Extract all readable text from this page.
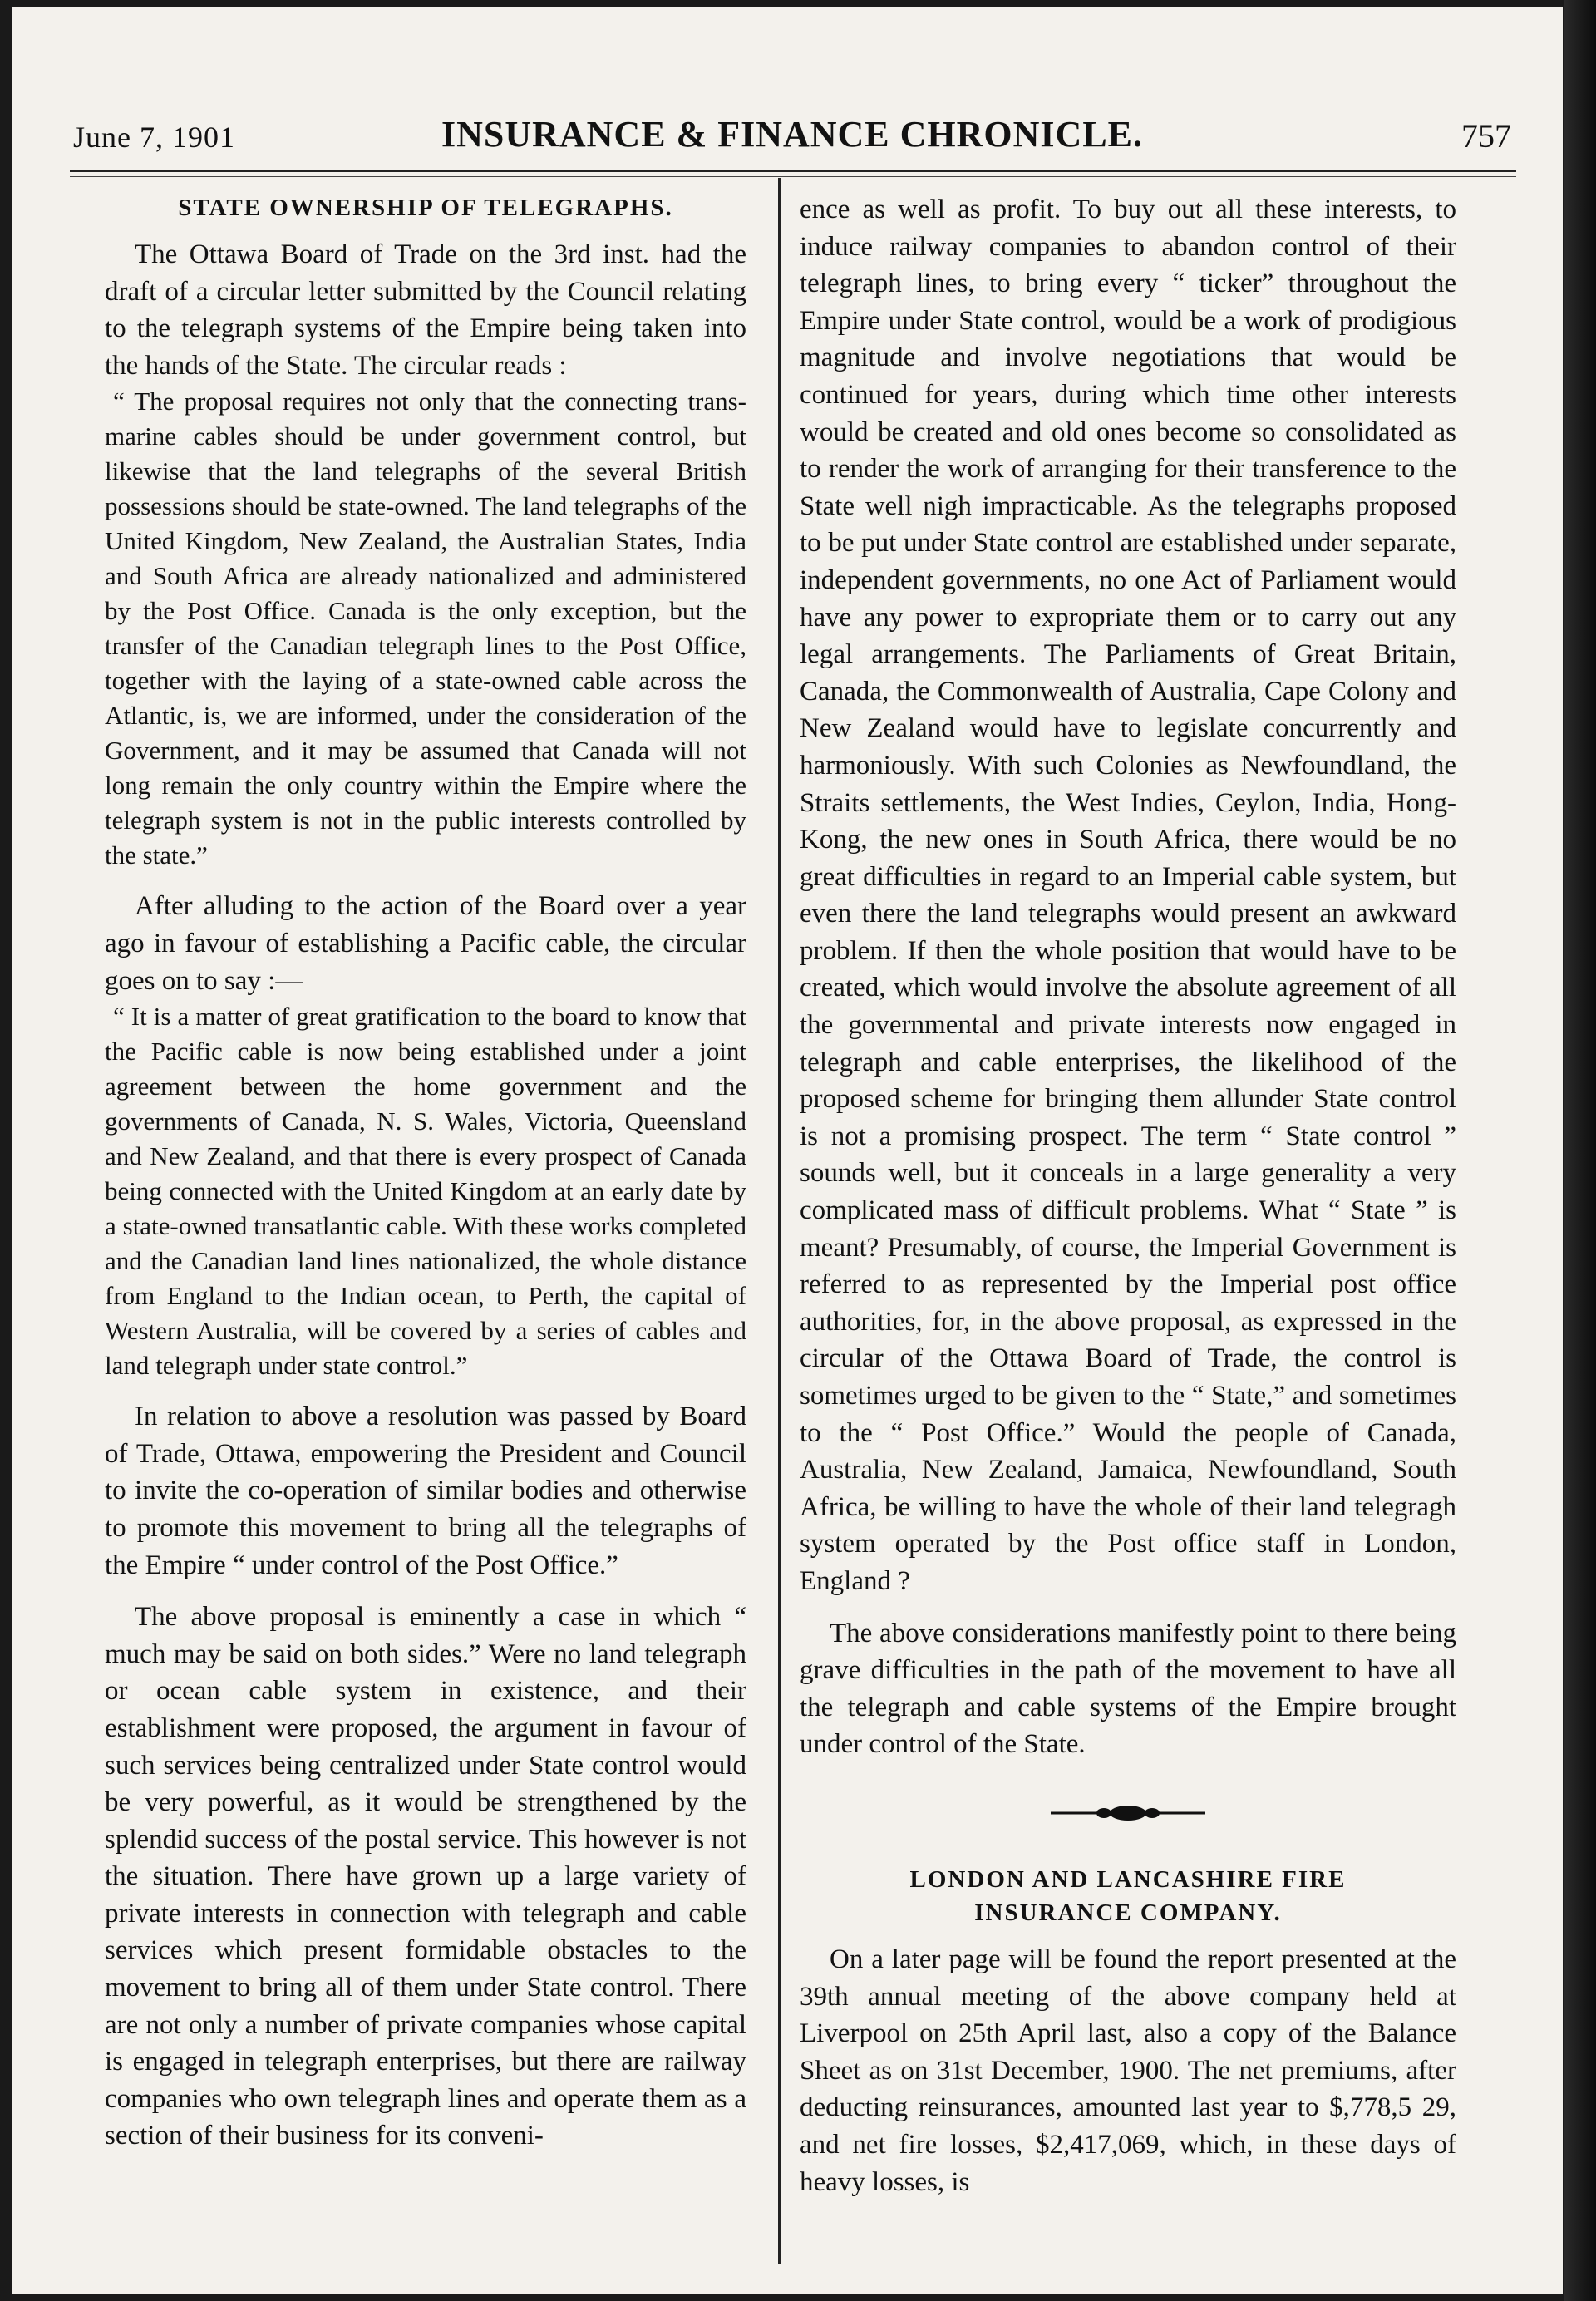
June 7, 1901	INSURANCE & FINANCE CHRONICLE.	757
STATE OWNERSHIP OF TELEGRAPHS.

The Ottawa Board of Trade on the 3rd inst. had the draft of a circular letter submitted by the Council relating to the telegraph systems of the Empire being taken into the hands of the State. The circular reads :

“ The proposal requires not only that the connecting trans-marine cables should be under government control, but likewise that the land telegraphs of the several British possessions should be state-owned. The land telegraphs of the United Kingdom, New Zealand, the Australian States, India and South Africa are already nationalized and administered by the Post Office. Canada is the only exception, but the transfer of the Canadian telegraph lines to the Post Office, together with the laying of a state-owned cable across the Atlantic, is, we are informed, under the consideration of the Government, and it may be assumed that Canada will not long remain the only country within the Empire where the telegraph system is not in the public interests controlled by the state.”

After alluding to the action of the Board over a year ago in favour of establishing a Pacific cable, the circular goes on to say :—

“ It is a matter of great gratification to the board to know that the Pacific cable is now being established under a joint agreement between the home government and the governments of Canada, N. S. Wales, Victoria, Queensland and New Zealand, and that there is every prospect of Canada being connected with the United Kingdom at an early date by a state-owned transatlantic cable. With these works completed and the Canadian land lines nationalized, the whole distance from England to the Indian ocean, to Perth, the capital of Western Australia, will be covered by a series of cables and land telegraph under state control.”

In relation to above a resolution was passed by Board of Trade, Ottawa, empowering the President and Council to invite the co-operation of similar bodies and otherwise to promote this movement to bring all the telegraphs of the Empire “ under control of the Post Office.”

The above proposal is eminently a case in which “ much may be said on both sides.” Were no land telegraph or ocean cable system in existence, and their establishment were proposed, the argument in favour of such services being centralized under State control would be very powerful, as it would be strengthened by the splendid success of the postal service. This however is not the situation. There have grown up a large variety of private interests in connection with telegraph and cable services which present formidable obstacles to the movement to bring all of them under State control. There are not only a number of private companies whose capital is engaged in telegraph enterprises, but there are railway companies who own telegraph lines and operate them as a section of their business for its conveni-

ence as well as profit. To buy out all these interests, to induce railway companies to abandon control of their telegraph lines, to bring every “ ticker” throughout the Empire under State control, would be a work of prodigious magnitude and involve negotiations that would be continued for years, during which time other interests would be created and old ones become so consolidated as to render the work of arranging for their transference to the State well nigh impracticable. As the telegraphs proposed to be put under State control are established under separate, independent governments, no one Act of Parliament would have any power to expropriate them or to carry out any legal arrangements. The Parliaments of Great Britain, Canada, the Commonwealth of Australia, Cape Colony and New Zealand would have to legislate concurrently and harmoniously. With such Colonies as Newfoundland, the Straits settlements, the West Indies, Ceylon, India, Hong-Kong, the new ones in South Africa, there would be no great difficulties in regard to an Imperial cable system, but even there the land telegraphs would present an awkward problem. If then the whole position that would have to be created, which would involve the absolute agreement of all the governmental and private interests now engaged in telegraph and cable enterprises, the likelihood of the proposed scheme for bringing them allunder State control is not a promising prospect. The term “ State control ” sounds well, but it conceals in a large generality a very complicated mass of difficult problems. What “ State ” is meant? Presumably, of course, the Imperial Government is referred to as represented by the Imperial post office authorities, for, in the above proposal, as expressed in the circular of the Ottawa Board of Trade, the control is sometimes urged to be given to the “ State,” and sometimes to the “ Post Office.” Would the people of Canada, Australia, New Zealand, Jamaica, Newfoundland, South Africa, be willing to have the whole of their land telegragh system operated by the Post office staff in London, England ?

The above considerations manifestly point to there being grave difficulties in the path of the movement to have all the telegraph and cable systems of the Empire brought under control of the State.

LONDON AND LANCASHIRE FIRE
INSURANCE COMPANY.

On a later page will be found the report presented at the 39th annual meeting of the above company held at Liverpool on 25th April last, also a copy of the Balance Sheet as on 31st December, 1900. The net premiums, after deducting reinsurances, amounted last year to $,778,5 29, and net fire losses, $2,417,069, which, in these days of heavy losses, is
